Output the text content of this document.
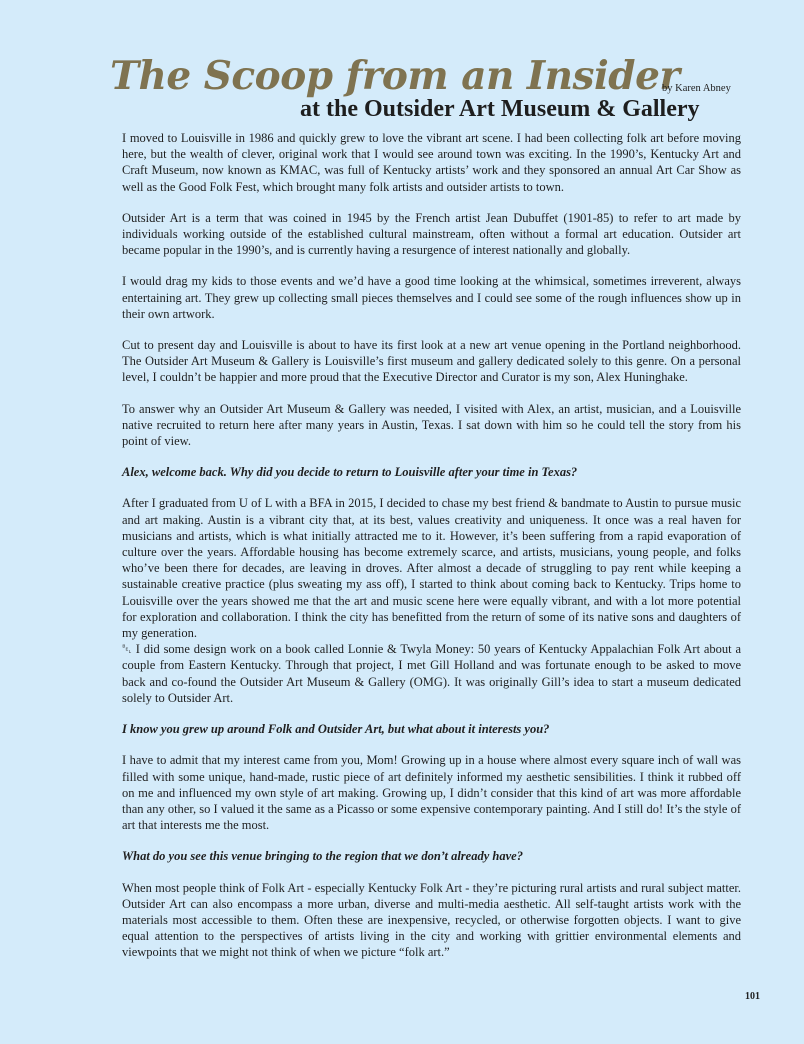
The Scoop from an Insider
by Karen Abney
at the Outsider Art Museum & Gallery

I moved to Louisville in 1986 and quickly grew to love the vibrant art scene. I had been collecting folk art before moving here, but the wealth of clever, original work that I would see around town was exciting. In the 1990’s, Kentucky Art and Craft Museum, now known as KMAC, was full of Kentucky artists’ work and they sponsored an annual Art Car Show as well as the Good Folk Fest, which brought many folk artists and outsider artists to town.

Outsider Art is a term that was coined in 1945 by the French artist Jean Dubuffet (1901-85) to refer to art made by individuals working outside of the established cultural mainstream, often without a formal art education. Outsider art became popular in the 1990’s, and is currently having a resurgence of interest nationally and globally.

I would drag my kids to those events and we’d have a good time looking at the whimsical, sometimes irreverent, always entertaining art. They grew up collecting small pieces themselves and I could see some of the rough influences show up in their own artwork.

Cut to present day and Louisville is about to have its first look at a new art venue opening in the Portland neighborhood. The Outsider Art Museum & Gallery is Louisville’s first museum and gallery dedicated solely to this genre. On a personal level, I couldn’t be happier and more proud that the Executive Director and Curator is my son, Alex Huninghake.

To answer why an Outsider Art Museum & Gallery was needed, I visited with Alex, an artist, musician, and a Louisville native recruited to return here after many years in Austin, Texas. I sat down with him so he could tell the story from his point of view.

Alex, welcome back. Why did you decide to return to Louisville after your time in Texas?

After I graduated from U of L with a BFA in 2015, I decided to chase my best friend & bandmate to Austin to pursue music and art making. Austin is a vibrant city that, at its best, values creativity and uniqueness. It once was a real haven for musicians and artists, which is what initially attracted me to it. However, it’s been suffering from a rapid evaporation of culture over the years. Affordable housing has become extremely scarce, and artists, musicians, young people, and folks who’ve been there for decades, are leaving in droves. After almost a decade of struggling to pay rent while keeping a sustainable creative practice (plus sweating my ass off), I started to think about coming back to Kentucky. Trips home to Louisville over the years showed me that the art and music scene here were equally vibrant, and with a lot more potential for exploration and collaboration. I think the city has benefitted from the return of some of its native sons and daughters of my generation.

␇ I did some design work on a book called Lonnie & Twyla Money: 50 years of Kentucky Appalachian Folk Art about a couple from Eastern Kentucky. Through that project, I met Gill Holland and was fortunate enough to be asked to move back and co-found the Outsider Art Museum & Gallery (OMG). It was originally Gill’s idea to start a museum dedicated solely to Outsider Art.

I know you grew up around Folk and Outsider Art, but what about it interests you?

I have to admit that my interest came from you, Mom! Growing up in a house where almost every square inch of wall was filled with some unique, hand-made, rustic piece of art definitely informed my aesthetic sensibilities. I think it rubbed off on me and influenced my own style of art making. Growing up, I didn’t consider that this kind of art was more affordable than any other, so I valued it the same as a Picasso or some expensive contemporary painting. And I still do! It’s the style of art that interests me the most.

What do you see this venue bringing to the region that we don’t already have?

When most people think of Folk Art - especially Kentucky Folk Art - they’re picturing rural artists and rural subject matter. Outsider Art can also encompass a more urban, diverse and multi-media aesthetic. All self-taught artists work with the materials most accessible to them. Often these are inexpensive, recycled, or otherwise forgotten objects. I want to give equal attention to the perspectives of artists living in the city and working with grittier environmental elements and viewpoints that we might not think of when we picture “folk art.”

101
